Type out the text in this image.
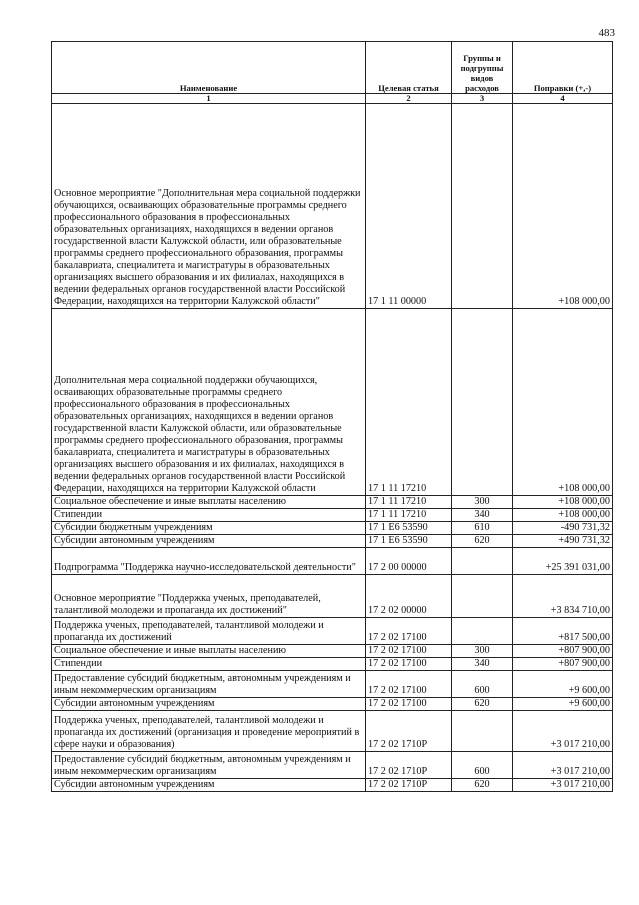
483
Наименование	Целевая статья	Группы и подгруппы видов расходов	Поправки (+,-)
1	2	3	4
Основное мероприятие "Дополнительная мера социальной поддержки обучающихся, осваивающих образовательные программы среднего профессионального образования в профессиональных образовательных организациях, находящихся в ведении органов государственной власти Калужской области, или образовательные программы среднего профессионального образования, программы бакалавриата, специалитета и магистратуры в образовательных организациях высшего образования и их филиалах, находящихся в ведении федеральных органов государственной власти Российской Федерации, находящихся на территории Калужской области"	17 1 11 00000		+108 000,00
Дополнительная мера социальной поддержки обучающихся, осваивающих образовательные программы среднего профессионального образования в профессиональных образовательных организациях, находящихся в ведении органов государственной власти Калужской области, или образовательные программы среднего профессионального образования, программы бакалавриата, специалитета и магистратуры в образовательных организациях высшего образования и их филиалах, находящихся в ведении федеральных органов государственной власти Российской Федерации, находящихся на территории Калужской области	17 1 11 17210		+108 000,00
Социальное обеспечение и иные выплаты населению	17 1 11 17210	300	+108 000,00
Стипендии	17 1 11 17210	340	+108 000,00
Субсидии бюджетным учреждениям	17 1 Е6 53590	610	-490 731,32
Субсидии автономным учреждениям	17 1 Е6 53590	620	+490 731,32
Подпрограмма "Поддержка научно-исследовательской деятельности"	17 2 00 00000		+25 391 031,00
Основное мероприятие "Поддержка ученых, преподавателей, талантливой молодежи и пропаганда их достижений"	17 2 02 00000		+3 834 710,00
Поддержка ученых, преподавателей, талантливой молодежи и пропаганда их достижений	17 2 02 17100		+817 500,00
Социальное обеспечение и иные выплаты населению	17 2 02 17100	300	+807 900,00
Стипендии	17 2 02 17100	340	+807 900,00
Предоставление субсидий бюджетным, автономным учреждениям и иным некоммерческим организациям	17 2 02 17100	600	+9 600,00
Субсидии автономным учреждениям	17 2 02 17100	620	+9 600,00
Поддержка ученых, преподавателей, талантливой молодежи и пропаганда их достижений (организация и проведение мероприятий в сфере науки и образования)	17 2 02 1710Р		+3 017 210,00
Предоставление субсидий бюджетным, автономным учреждениям и иным некоммерческим организациям	17 2 02 1710Р	600	+3 017 210,00
Субсидии автономным учреждениям	17 2 02 1710Р	620	+3 017 210,00
